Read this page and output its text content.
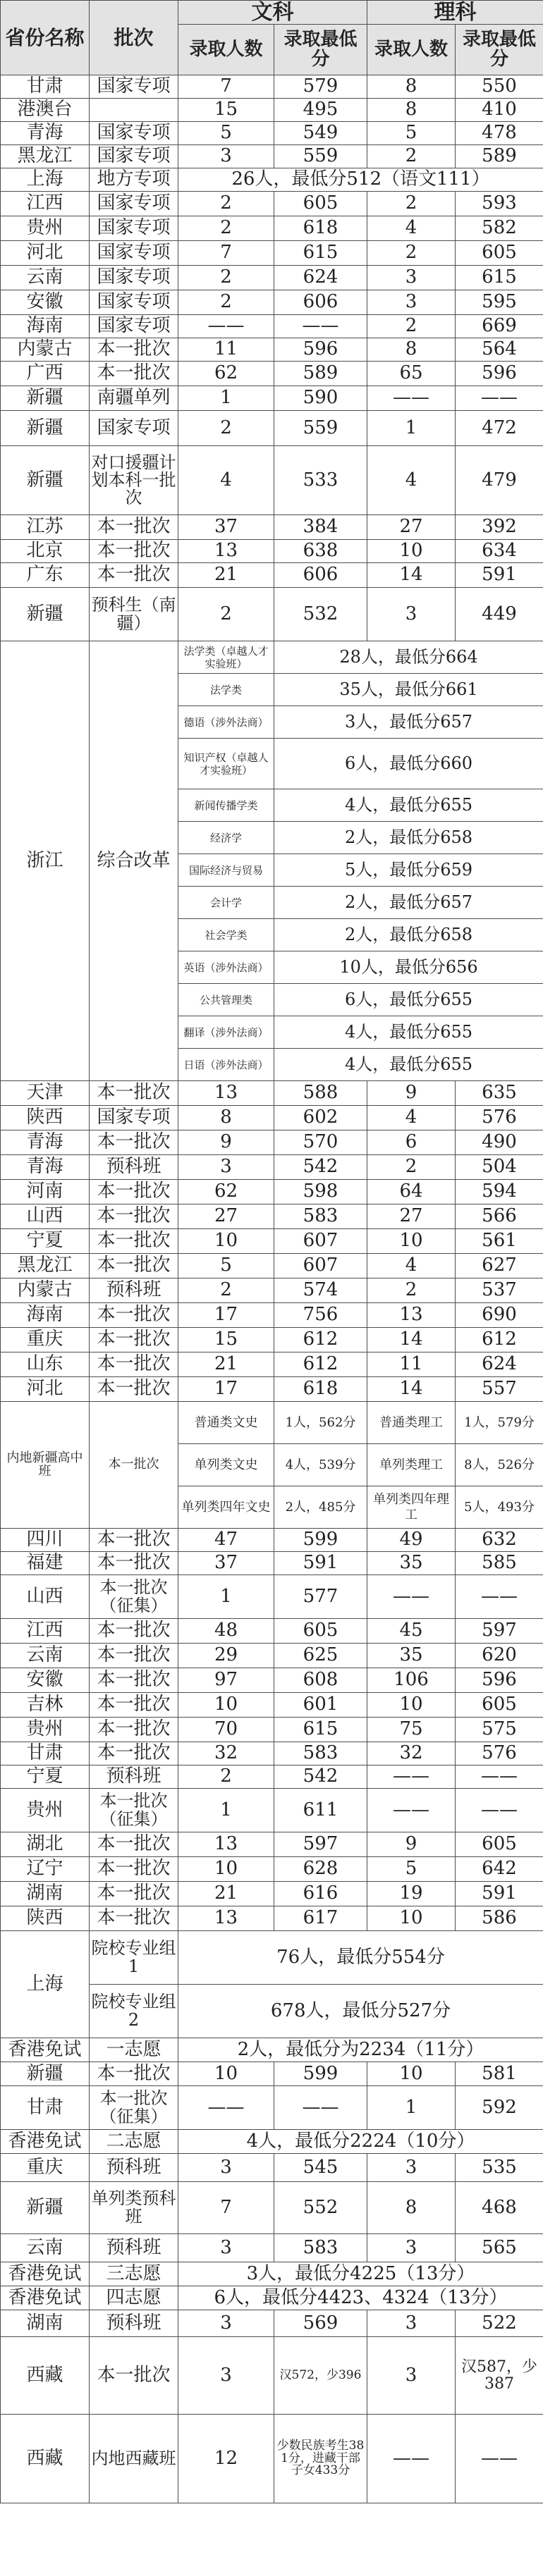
省份名称	批次	文科		理科	
		录取人数	录取最低分	录取人数	录取最低分
甘肃	国家专项	7	579	8	550
港澳台		15	495	8	410
青海	国家专项	5	549	5	478
黑龙江	国家专项	3	559	2	589
上海	地方专项	26人，最低分512（语文111）			
江西	国家专项	2	605	2	593
贵州	国家专项	2	618	4	582
河北	国家专项	7	615	2	605
云南	国家专项	2	624	3	615
安徽	国家专项	2	606	3	595
海南	国家专项	——	——	2	669
内蒙古	本一批次	11	596	8	564
广西	本一批次	62	589	65	596
新疆	南疆单列	1	590	——	——
新疆	国家专项	2	559	1	472
新疆	对口援疆计划本科一批次	4	533	4	479
江苏	本一批次	37	384	27	392
北京	本一批次	13	638	10	634
广东	本一批次	21	606	14	591
新疆	预科生（南疆）	2	532	3	449
浙江	综合改革	法学类（卓越人才实验班）	28人，最低分664		
		法学类	35人，最低分661		
		德语（涉外法商）	3人，最低分657		
		知识产权（卓越人才实验班）	6人，最低分660		
		新闻传播学类	4人，最低分655		
		经济学	2人，最低分658		
		国际经济与贸易	5人，最低分659		
		会计学	2人，最低分657		
		社会学类	2人，最低分658		
		英语（涉外法商）	10人，最低分656		
		公共管理类	6人，最低分655		
		翻译（涉外法商）	4人，最低分655		
		日语（涉外法商）	4人，最低分655		
天津	本一批次	13	588	9	635
陕西	国家专项	8	602	4	576
青海	本一批次	9	570	6	490
青海	预科班	3	542	2	504
河南	本一批次	62	598	64	594
山西	本一批次	27	583	27	566
宁夏	本一批次	10	607	10	561
黑龙江	本一批次	5	607	4	627
内蒙古	预科班	2	574	2	537
海南	本一批次	17	756	13	690
重庆	本一批次	15	612	14	612
山东	本一批次	21	612	11	624
河北	本一批次	17	618	14	557
内地新疆高中班	本一批次	普通类文史	1人，562分	普通类理工	1人，579分
		单列类文史	4人，539分	单列类理工	8人，526分
		单列类四年文史	2人，485分	单列类四年理工	5人，493分
四川	本一批次	47	599	49	632
福建	本一批次	37	591	35	585
山西	本一批次（征集）	1	577	——	——
江西	本一批次	48	605	45	597
云南	本一批次	29	625	35	620
安徽	本一批次	97	608	106	596
吉林	本一批次	10	601	10	605
贵州	本一批次	70	615	75	575
甘肃	本一批次	32	583	32	576
宁夏	预科班	2	542	——	——
贵州	本一批次（征集）	1	611	——	——
湖北	本一批次	13	597	9	605
辽宁	本一批次	10	628	5	642
湖南	本一批次	21	616	19	591
陕西	本一批次	13	617	10	586
上海	院校专业组1	76人，最低分554分			
	院校专业组2	678人，最低分527分			
香港免试	一志愿	2人，最低分为2234（11分）			
新疆	本一批次	10	599	10	581
甘肃	本一批次（征集）	——	——	1	592
香港免试	二志愿	4人，最低分2224（10分）			
重庆	预科班	3	545	3	535
新疆	单列类预科班	7	552	8	468
云南	预科班	3	583	3	565
香港免试	三志愿	3人，最低分4225（13分）			
香港免试	四志愿	6人，最低分4423、4324（13分）			
湖南	预科班	3	569	3	522
西藏	本一批次	3	汉572，少396	3	汉587，少387
西藏	内地西藏班	12	少数民族考生381分，进藏干部子女433分	——	——
